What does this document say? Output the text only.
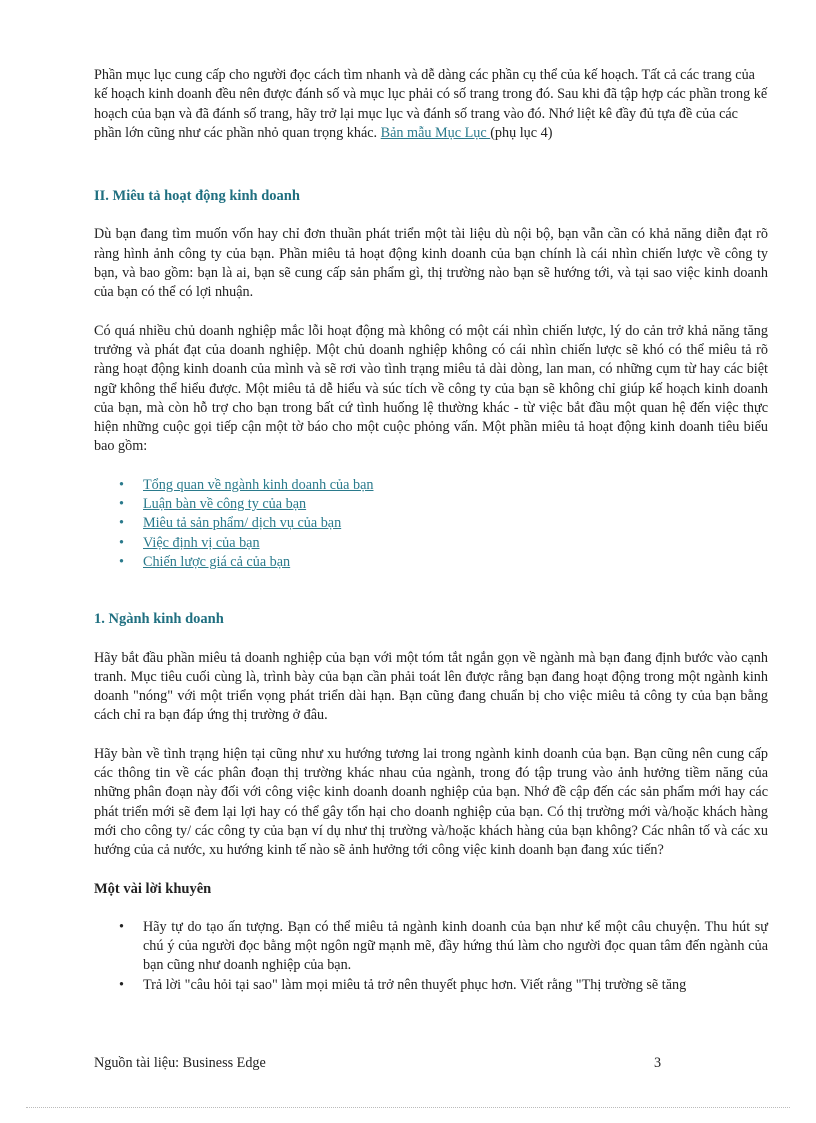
Phần mục lục cung cấp cho người đọc cách tìm nhanh và dễ dàng các phần cụ thể của kế hoạch. Tất cả các trang của kế hoạch kinh doanh đều nên được đánh số và mục lục phải có số trang trong đó. Sau khi đã tập hợp các phần trong kế hoạch của bạn và đã đánh số trang, hãy trở lại mục lục và đánh số trang vào đó. Nhớ liệt kê đầy đủ tựa đề của các phần lớn cũng như các phần nhỏ quan trọng khác. Bản mẫu Mục Lục (phụ lục 4)

II. Miêu tả hoạt động kinh doanh

Dù bạn đang tìm muốn vốn hay chỉ đơn thuần phát triển một tài liệu dù nội bộ, bạn vẫn cần có khả năng diễn đạt rõ ràng hình ảnh công ty của bạn. Phần miêu tả hoạt động kinh doanh của bạn chính là cái nhìn chiến lược về công ty bạn, và bao gồm: bạn là ai, bạn sẽ cung cấp sản phẩm gì, thị trường nào bạn sẽ hướng tới, và tại sao việc kinh doanh của bạn có thể có lợi nhuận.

Có quá nhiều chủ doanh nghiệp mắc lỗi hoạt động mà không có một cái nhìn chiến lược, lý do cản trở khả năng tăng trưởng và phát đạt của doanh nghiệp. Một chủ doanh nghiệp không có cái nhìn chiến lược sẽ khó có thể miêu tả rõ ràng hoạt động kinh doanh của mình và sẽ rơi vào tình trạng miêu tả dài dòng, lan man, có những cụm từ hay các biệt ngữ không thể hiểu được. Một miêu tả dễ hiểu và súc tích về công ty của bạn sẽ không chỉ giúp kế hoạch kinh doanh của bạn, mà còn hỗ trợ cho bạn trong bất cứ tình huống lệ thường khác - từ việc bắt đầu một quan hệ đến việc thực hiện những cuộc gọi tiếp cận một tờ báo cho một cuộc phỏng vấn. Một phần miêu tả hoạt động kinh doanh tiêu biểu bao gồm:

• Tổng quan về ngành kinh doanh của bạn
• Luận bàn về công ty của bạn
• Miêu tả sản phẩm/ dịch vụ của bạn
• Việc định vị của bạn
• Chiến lược giá cả của bạn
1. Ngành kinh doanh

Hãy bắt đầu phần miêu tả doanh nghiệp của bạn với một tóm tắt ngắn gọn về ngành mà bạn đang định bước vào cạnh tranh. Mục tiêu cuối cùng là, trình bày của bạn cần phải toát lên được rằng bạn đang hoạt động trong một ngành kinh doanh "nóng" với một triển vọng phát triển dài hạn. Bạn cũng đang chuẩn bị cho việc miêu tả công ty của bạn bằng cách chỉ ra bạn đáp ứng thị trường ở đâu.

Hãy bàn về tình trạng hiện tại cũng như xu hướng tương lai trong ngành kinh doanh của bạn. Bạn cũng nên cung cấp các thông tin về các phân đoạn thị trường khác nhau của ngành, trong đó tập trung vào ảnh hưởng tiềm năng của những phân đoạn này đối với công việc kinh doanh doanh nghiệp của bạn. Nhớ đề cập đến các sản phẩm mới hay các phát triển mới sẽ đem lại lợi hay có thể gây tổn hại cho doanh nghiệp của bạn. Có thị trường mới và/hoặc khách hàng mới cho công ty/ các công ty của bạn ví dụ như thị trường và/hoặc khách hàng của bạn không? Các nhân tố và các xu hướng của cả nước, xu hướng kinh tế nào sẽ ảnh hưởng tới công việc kinh doanh bạn đang xúc tiến?

Một vài lời khuyên
• Hãy tự do tạo ấn tượng. Bạn có thể miêu tả ngành kinh doanh của bạn như kể một câu chuyện. Thu hút sự chú ý của người đọc bằng một ngôn ngữ mạnh mẽ, đầy hứng thú làm cho người đọc quan tâm đến ngành của bạn cũng như doanh nghiệp của bạn.
• Trả lời "câu hỏi tại sao" làm mọi miêu tả trở nên thuyết phục hơn. Viết rằng "Thị trường sẽ tăng
Nguồn tài liệu: Business Edge	3
